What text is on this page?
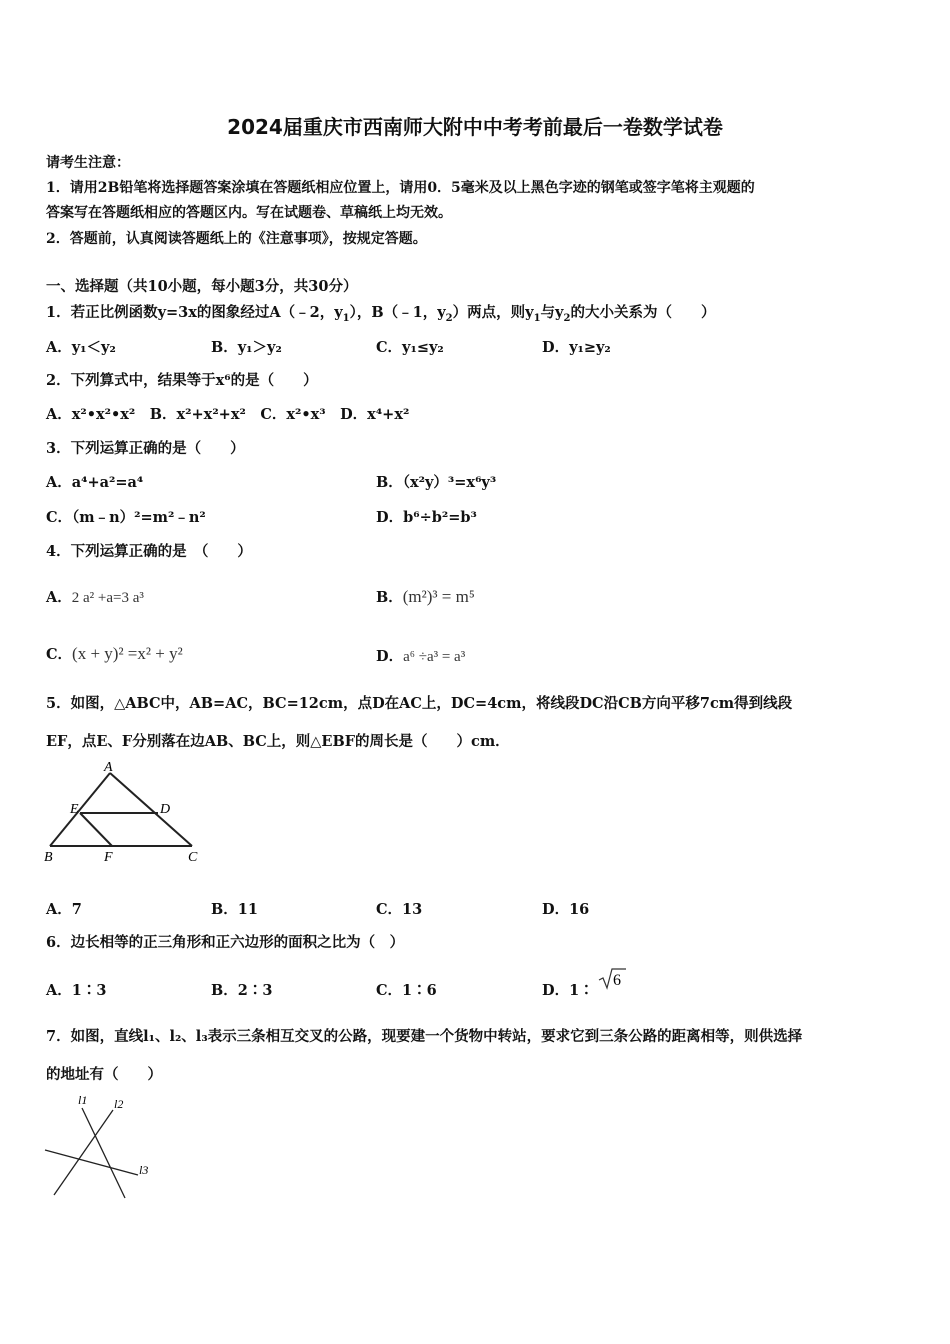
2024届重庆市西南师大附中中考考前最后一卷数学试卷
请考生注意：
1．请用2B铅笔将选择题答案涂填在答题纸相应位置上，请用0．5毫米及以上黑色字迹的钢笔或签字笔将主观题的
答案写在答题纸相应的答题区内。写在试题卷、草稿纸上均无效。
2．答题前，认真阅读答题纸上的《注意事项》，按规定答题。
一、选择题（共10小题，每小题3分，共30分）
1．若正比例函数y=3x的图象经过A（﹣2，$y_1$），B（﹣1，$y_2$）两点，则$y_1$与$y_2$的大小关系为（　　）
A．y₁＜y₂	B．y₁＞y₂	C．y₁≤y₂	D．y₁≥y₂
2．下列算式中，结果等于x⁶的是（　　）
A．x²•x²•x²　B．x²+x²+x²　C．x²•x³　D．x⁴+x²
3．下列运算正确的是（　　）
A．a⁴+a²=a⁴	B．（x²y）³=x⁶y³
C．（m﹣n）²=m²﹣n²	D．b⁶÷b²=b³
4．下列运算正确的是　（　　）
A．2 a² +a=3 a³	B．(m²)³ = m⁵
C．(x + y)² =x² + y²	D．a⁶ ÷a³ = a³
5．如图，△ABC中，AB=AC，BC=12cm，点D在AC上，DC=4cm，将线段DC沿CB方向平移7cm得到线段
EF，点E、F分别落在边AB、BC上，则△EBF的周长是（　　）cm．
A
E	D
B	F	C
A．7	B．11	C．13	D．16
6．边长相等的正三角形和正六边形的面积之比为（　）
A．1∶3	B．2∶3	C．1∶6	D．1∶
6
7．如图，直线l₁、l₂、l₃表示三条相互交叉的公路，现要建一个货物中转站，要求它到三条公路的距离相等，则供选择
的地址有（　　）
l1 l2
l3
